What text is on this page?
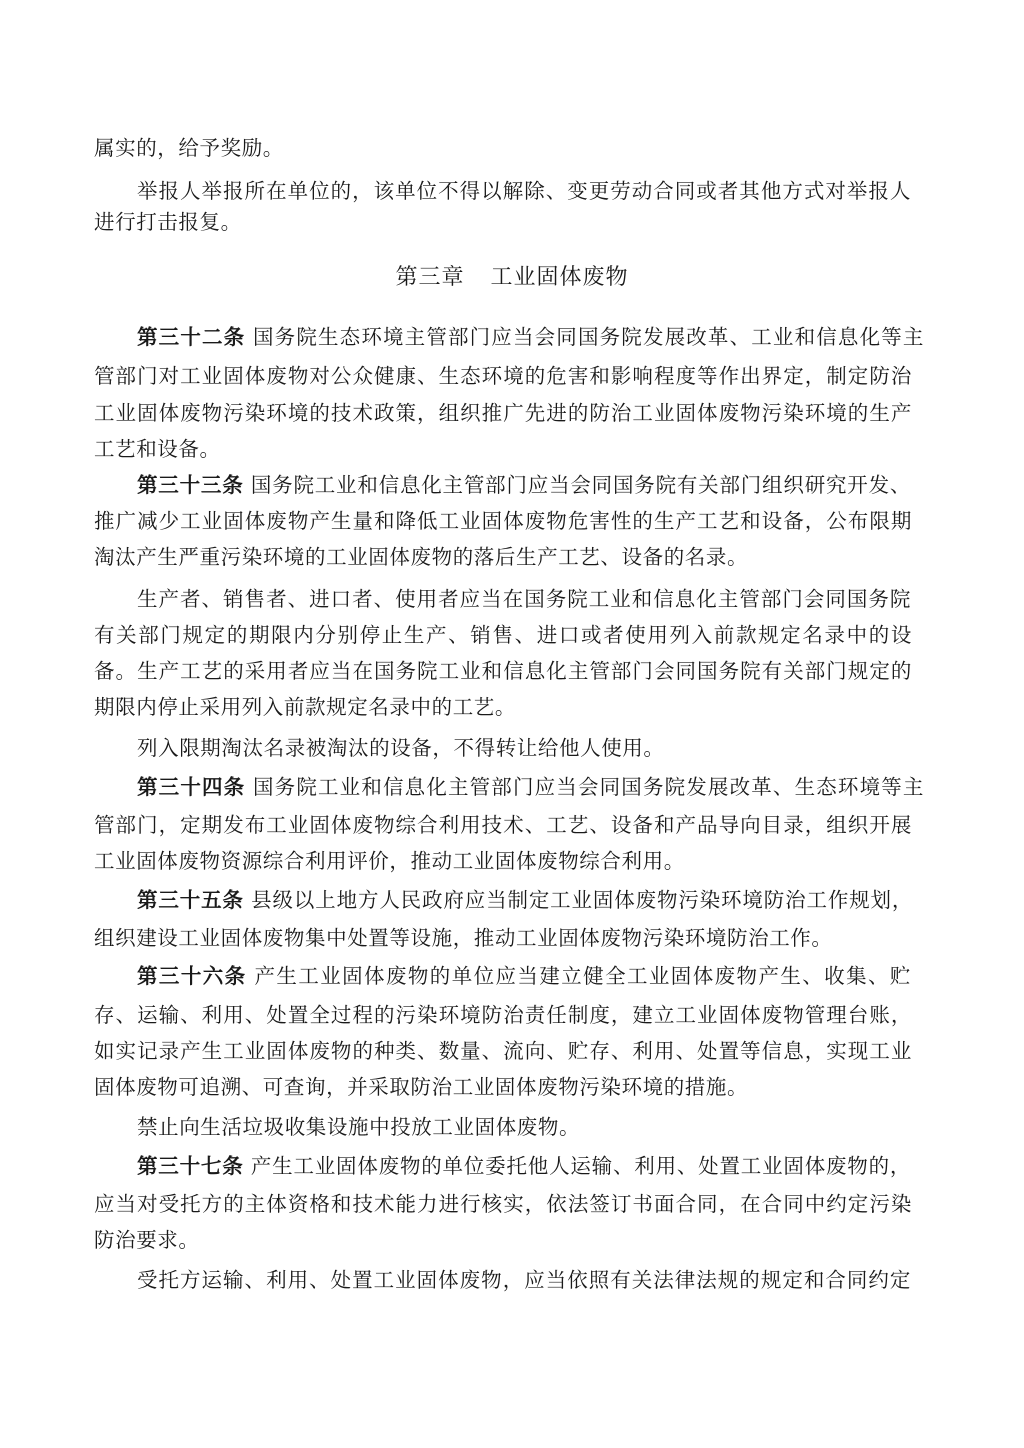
属实的，给予奖励。
举报人举报所在单位的，该单位不得以解除、变更劳动合同或者其他方式对举报人
进行打击报复。
第三章 工业固体废物
第三十二条 国务院生态环境主管部门应当会同国务院发展改革、工业和信息化等主
管部门对工业固体废物对公众健康、生态环境的危害和影响程度等作出界定，制定防治
工业固体废物污染环境的技术政策，组织推广先进的防治工业固体废物污染环境的生产
工艺和设备。
第三十三条 国务院工业和信息化主管部门应当会同国务院有关部门组织研究开发、
推广减少工业固体废物产生量和降低工业固体废物危害性的生产工艺和设备，公布限期
淘汰产生严重污染环境的工业固体废物的落后生产工艺、设备的名录。
生产者、销售者、进口者、使用者应当在国务院工业和信息化主管部门会同国务院
有关部门规定的期限内分别停止生产、销售、进口或者使用列入前款规定名录中的设
备。生产工艺的采用者应当在国务院工业和信息化主管部门会同国务院有关部门规定的
期限内停止采用列入前款规定名录中的工艺。
列入限期淘汰名录被淘汰的设备，不得转让给他人使用。
第三十四条 国务院工业和信息化主管部门应当会同国务院发展改革、生态环境等主
管部门，定期发布工业固体废物综合利用技术、工艺、设备和产品导向目录，组织开展
工业固体废物资源综合利用评价，推动工业固体废物综合利用。
第三十五条 县级以上地方人民政府应当制定工业固体废物污染环境防治工作规划，
组织建设工业固体废物集中处置等设施，推动工业固体废物污染环境防治工作。
第三十六条 产生工业固体废物的单位应当建立健全工业固体废物产生、收集、贮
存、运输、利用、处置全过程的污染环境防治责任制度，建立工业固体废物管理台账，
如实记录产生工业固体废物的种类、数量、流向、贮存、利用、处置等信息，实现工业
固体废物可追溯、可查询，并采取防治工业固体废物污染环境的措施。
禁止向生活垃圾收集设施中投放工业固体废物。
第三十七条 产生工业固体废物的单位委托他人运输、利用、处置工业固体废物的，
应当对受托方的主体资格和技术能力进行核实，依法签订书面合同，在合同中约定污染
防治要求。
受托方运输、利用、处置工业固体废物，应当依照有关法律法规的规定和合同约定
